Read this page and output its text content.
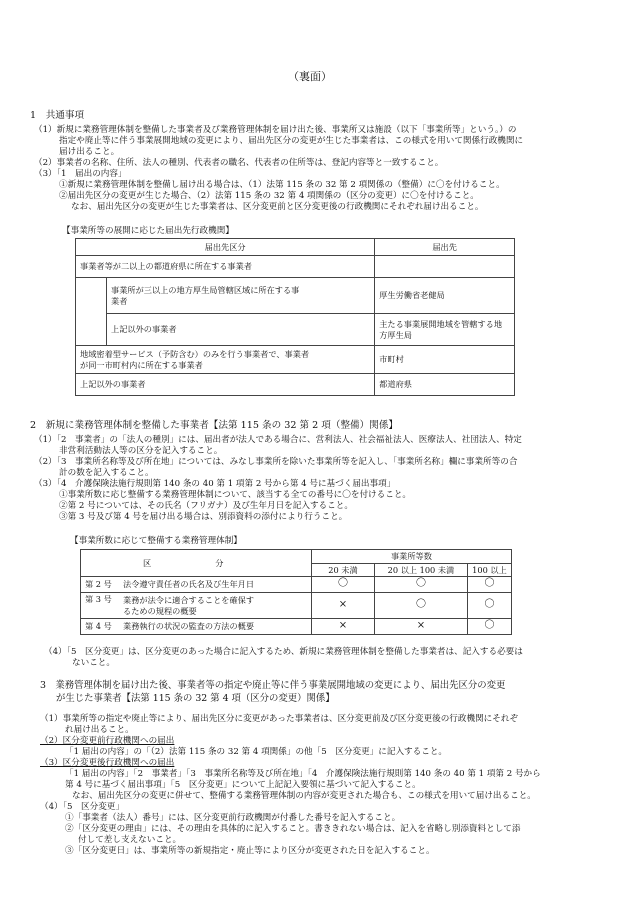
（裏面）
1　共通事項
（1）新規に業務管理体制を整備した事業者及び業務管理体制を届け出た後、事業所又は施設（以下「事業所等」という。）の
指定や廃止等に伴う事業展開地域の変更により、届出先区分の変更が生じた事業者は、この様式を用いて関係行政機関に
届け出ること。
（2）事業者の名称、住所、法人の種別、代表者の職名、代表者の住所等は、登記内容等と一致すること。
（3）「1　届出の内容」
①新規に業務管理体制を整備し届け出る場合は、（1）法第 115 条の 32 第 2 項関係の（整備）に〇を付けること。
②届出先区分の変更が生じた場合、（2）法第 115 条の 32 第 4 項関係の（区分の変更）に〇を付けること。
なお、届出先区分の変更が生じた事業者は、区分変更前と区分変更後の行政機関にそれぞれ届け出ること。
【事業所等の展開に応じた届出先行政機関】
届出先区分		届出先
事業者等が二以上の都道府県に所在する事業者		
	事業所が三以上の地方厚生局管轄区域に所在する事
業者	厚生労働省老健局
	上記以外の事業者	主たる事業展開地域を管轄する地
方厚生局
地域密着型サービス（予防含む）のみを行う事業者で、事業者
が同一市町村内に所在する事業者		市町村
上記以外の事業者		都道府県
2　新規に業務管理体制を整備した事業者【法第 115 条の 32 第 2 項（整備）関係】
（1）「2　事業者」の「法人の種別」には、届出者が法人である場合に、営利法人、社会福祉法人、医療法人、社団法人、特定
非営利活動法人等の区分を記入すること。
（2）「3　事業所名称等及び所在地」については、みなし事業所を除いた事業所等を記入し、「事業所名称」欄に事業所等の合
計の数を記入すること。
（3）「4　介護保険法施行規則第 140 条の 40 第 1 項第 2 号から第 4 号に基づく届出事項」
①事業所数に応じ整備する業務管理体制について、該当する全ての番号に〇を付けること。
②第 2 号については、その氏名（フリガナ）及び生年月日を記入すること。
③第 3 号及び第 4 号を届け出る場合は、別添資料の添付により行うこと。
【事業所数に応じて整備する業務管理体制】
区 分		事業所等数		
		20 未満	20 以上 100 未満	100 以上
第 2 号	法令遵守責任者の氏名及び生年月日	〇	〇	〇
第 3 号	業務が法令に適合することを確保す
るための規程の概要	×	〇	〇
第 4 号	業務執行の状況の監査の方法の概要	×	×	〇
（4）「5　区分変更」は、区分変更のあった場合に記入するため、新規に業務管理体制を整備した事業者は、記入する必要は
ないこと。
3　業務管理体制を届け出た後、事業者等の指定や廃止等に伴う事業展開地域の変更により、届出先区分の変更
が生じた事業者【法第 115 条の 32 第 4 項（区分の変更）関係】
（1）事業所等の指定や廃止等により、届出先区分に変更があった事業者は、区分変更前及び区分変更後の行政機関にそれぞ
れ届け出ること。
（2）区分変更前行政機関への届出
「1 届出の内容」の「（2）法第 115 条の 32 第 4 項関係」の他「5　区分変更」に記入すること。
（3）区分変更後行政機関への届出
「1 届出の内容」「2　事業者」「3　事業所名称等及び所在地」「4　介護保険法施行規則第 140 条の 40 第 1 項第 2 号から
第 4 号に基づく届出事項」「5　区分変更」について上記記入要領に基づいて記入すること。
なお、届出先区分の変更に併せて、整備する業務管理体制の内容が変更された場合も、この様式を用いて届け出ること。
（4）「5　区分変更」
①「事業者（法人）番号」には、区分変更前行政機関が付番した番号を記入すること。
②「区分変更の理由」には、その理由を具体的に記入すること。書ききれない場合は、記入を省略し別添資料として添
付して差し支えないこと。
③「区分変更日」は、事業所等の新規指定・廃止等により区分が変更された日を記入すること。
